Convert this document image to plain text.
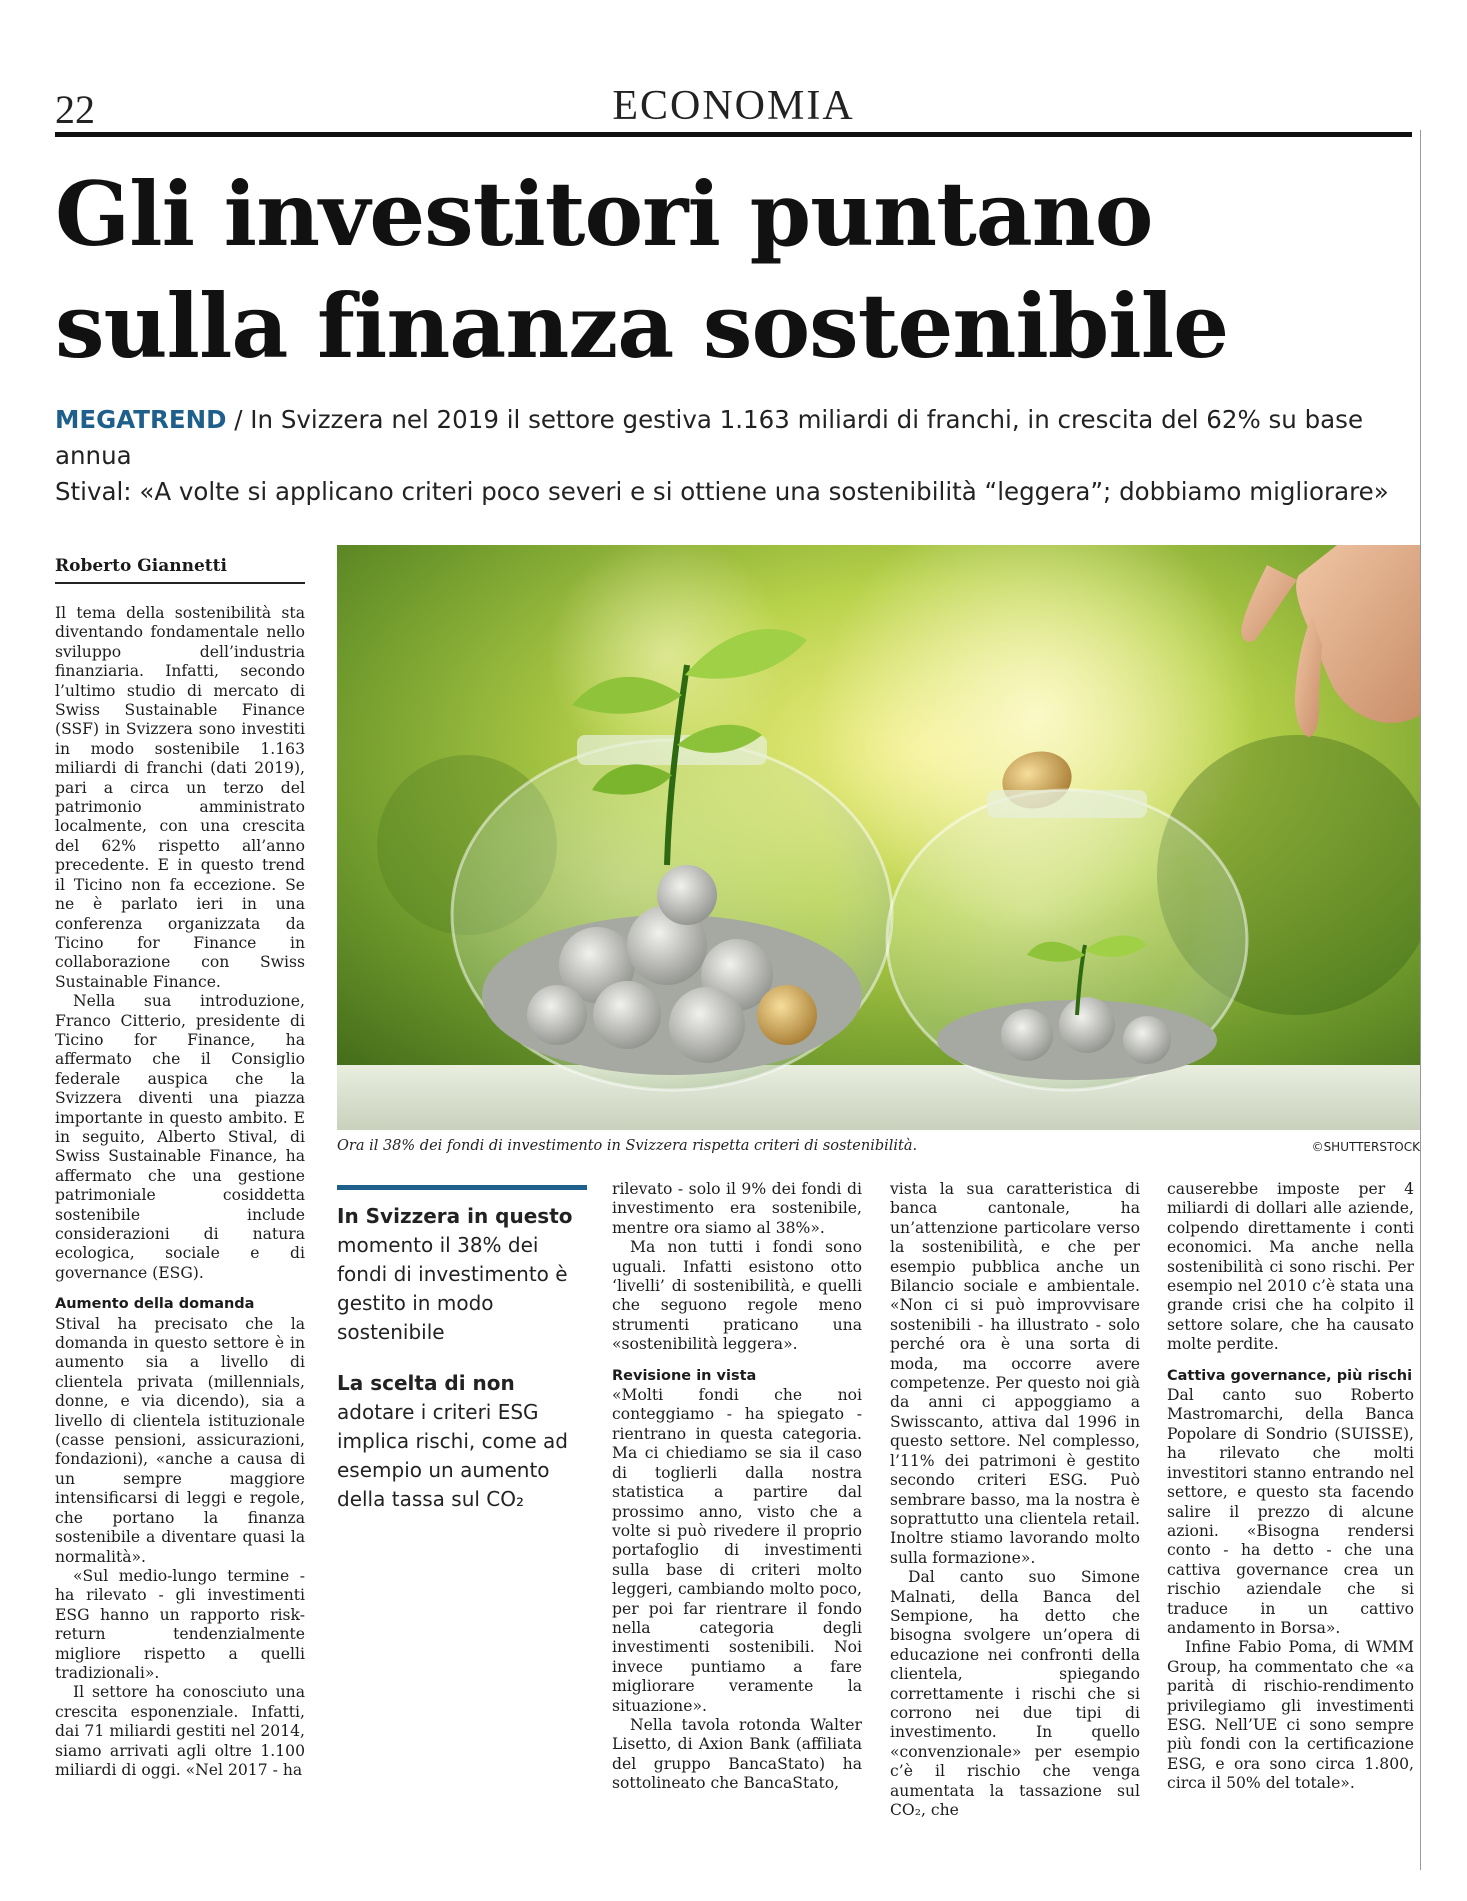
22	ECONOMIA
Gli investitori puntano
sulla finanza sostenibile
MEGATREND / In Svizzera nel 2019 il settore gestiva 1.163 miliardi di franchi, in crescita del 62% su base annua
Stival: «A volte si applicano criteri poco severi e si ottiene una sostenibilità “leggera”; dobbiamo migliorare»
Roberto Giannetti

Il tema della sostenibilità sta diventando fondamentale nello sviluppo dell’industria finanziaria. Infatti, secondo l’ultimo studio di mercato di Swiss Sustainable Finance (SSF) in Svizzera sono investiti in modo sostenibile 1.163 miliardi di franchi (dati 2019), pari a circa un terzo del patrimonio amministrato localmente, con una crescita del 62% rispetto all’anno precedente. E in questo trend il Ticino non fa eccezione. Se ne è parlato ieri in una conferenza organizzata da Ticino for Finance in collaborazione con Swiss Sustainable Finance.

Nella sua introduzione, Franco Citterio, presidente di Ticino for Finance, ha affermato che il Consiglio federale auspica che la Svizzera diventi una piazza importante in questo ambito. E in seguito, Alberto Stival, di Swiss Sustainable Finance, ha affermato che una gestione patrimoniale cosiddetta sostenibile include considerazioni di natura ecologica, sociale e di governance (ESG).

Aumento della domanda

Stival ha precisato che la domanda in questo settore è in aumento sia a livello di clientela privata (millennials, donne, e via dicendo), sia a livello di clientela istituzionale (casse pensioni, assicurazioni, fondazioni), «anche a causa di un sempre maggiore intensificarsi di leggi e regole, che portano la finanza sostenibile a diventare quasi la normalità».

«Sul medio-lungo termine - ha rilevato - gli investimenti ESG hanno un rapporto risk-return tendenzialmente migliore rispetto a quelli tradizionali».

Il settore ha conosciuto una crescita esponenziale. Infatti, dai 71 miliardi gestiti nel 2014, siamo arrivati agli oltre 1.100 miliardi di oggi. «Nel 2017 - ha

Ora il 38% dei fondi di investimento in Svizzera rispetta criteri di sostenibilità.	©SHUTTERSTOCK
In Svizzera in questo momento il 38% dei fondi di investimento è gestito in modo sostenibile
La scelta di non adotare i criteri ESG implica rischi, come ad esempio un aumento della tassa sul CO₂

rilevato - solo il 9% dei fondi di investimento era sostenibile, mentre ora siamo al 38%».

Ma non tutti i fondi sono uguali. Infatti esistono otto ‘livelli’ di sostenibilità, e quelli che seguono regole meno strumenti praticano una «sostenibilità leggera».

Revisione in vista

«Molti fondi che noi conteggiamo - ha spiegato - rientrano in questa categoria. Ma ci chiediamo se sia il caso di toglierli dalla nostra statistica a partire dal prossimo anno, visto che a volte si può rivedere il proprio portafoglio di investimenti sulla base di criteri molto leggeri, cambiando molto poco, per poi far rientrare il fondo nella categoria degli investimenti sostenibili. Noi invece puntiamo a fare migliorare veramente la situazione».

Nella tavola rotonda Walter Lisetto, di Axion Bank (affiliata del gruppo BancaStato) ha sottolineato che BancaStato,

vista la sua caratteristica di banca cantonale, ha un’attenzione particolare verso la sostenibilità, e che per esempio pubblica anche un Bilancio sociale e ambientale. «Non ci si può improvvisare sostenibili - ha illustrato - solo perché ora è una sorta di moda, ma occorre avere competenze. Per questo noi già da anni ci appoggiamo a Swisscanto, attiva dal 1996 in questo settore. Nel complesso, l’11% dei patrimoni è gestito secondo criteri ESG. Può sembrare basso, ma la nostra è soprattutto una clientela retail. Inoltre stiamo lavorando molto sulla formazione».

Dal canto suo Simone Malnati, della Banca del Sempione, ha detto che bisogna svolgere un’opera di educazione nei confronti della clientela, spiegando correttamente i rischi che si corrono nei due tipi di investimento. In quello «convenzionale» per esempio c’è il rischio che venga aumentata la tassazione sul CO₂, che

causerebbe imposte per 4 miliardi di dollari alle aziende, colpendo direttamente i conti economici. Ma anche nella sostenibilità ci sono rischi. Per esempio nel 2010 c’è stata una grande crisi che ha colpito il settore solare, che ha causato molte perdite.

Cattiva governance, più rischi

Dal canto suo Roberto Mastromarchi, della Banca Popolare di Sondrio (SUISSE), ha rilevato che molti investitori stanno entrando nel settore, e questo sta facendo salire il prezzo di alcune azioni. «Bisogna rendersi conto - ha detto - che una cattiva governance crea un rischio aziendale che si traduce in un cattivo andamento in Borsa».

Infine Fabio Poma, di WMM Group, ha commentato che «a parità di rischio-rendimento privilegiamo gli investimenti ESG. Nell’UE ci sono sempre più fondi con la certificazione ESG, e ora sono circa 1.800, circa il 50% del totale».
